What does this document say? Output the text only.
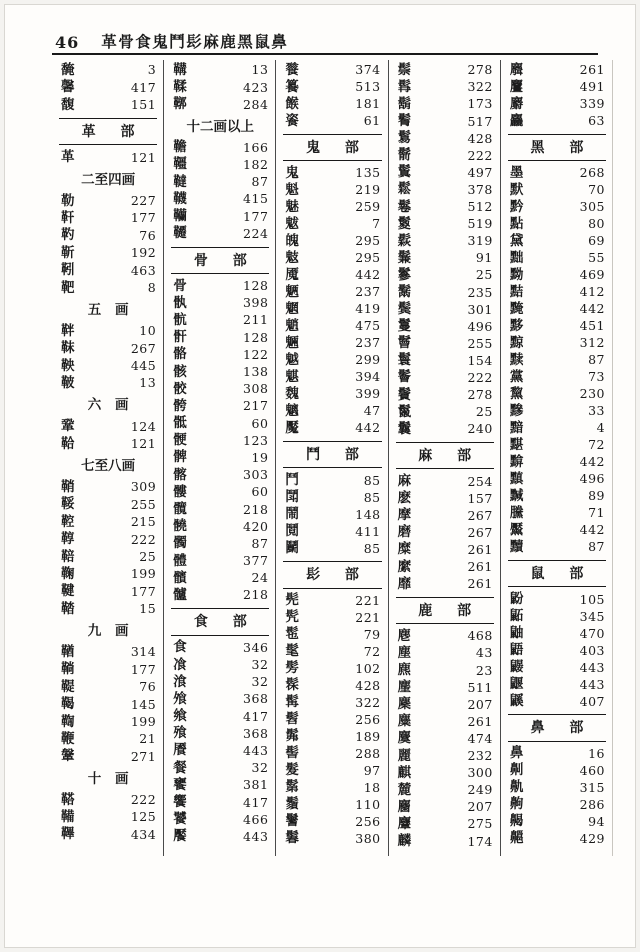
46 革骨食鬼鬥髟麻鹿黑鼠鼻
馣	3
馨	417
馥	151
革 部
革	121
二至四画
勒	227
靬	177
靮	76
靳	192
靷	463
靶	8
五 画
靽	10
靺	267
鞅	445
鞁	13
六 画
鞏	124
鞈	121
七至八画
鞘	309
鞖	255
鞚	215
鞟	222
鞛	25
鞠	199
鞬	177
鞜	15
九 画
鞧	314
鞝	177
鞮	76
鞨	145
鞫	199
鞭	21
鞶	271
十 画
鞳	222
鞴	125
鞸	434
鞲	13
鞣	423
鞹	284
十二画以上
韂	166
韁	182
韃	87
韈	415
韊	177
韆	224
骨 部
骨	128
骫	398
骯	211
骭	128
骼	122
骸	138
骹	308
骻	217
骶	60
骾	123
髀	19
髂	303
髏	60
髖	218
髐	420
髑	87
體	377
髕	24
髗	218
食 部
食	346
飡	32
湌	32
飧	368
飨	417
飱	368
餍	443
餐	32
饔	381
饗	417
饕	466
饜	443
餮	374
籑	513
餱	181
餈	61
鬼 部
鬼	135
魁	219
魅	259
魃	7
魄	295
鬾	295
魇	442
魉	237
魍	419
魈	475
魎	237
魆	299
魌	394
魏	399
魑	47
魘	442
鬥 部
鬥	85
鬦	85
鬧	148
鬩	411
鬭	85
髟 部
髡	221
髠	221
髢	79
髦	72
髣	102
髹	428
髯	322
髫	256
髴	189
髻	288
髮	97
鬀	18
鬚	110
鬐	256
鬊	380
鬃	278
髥	322
鬍	173
鬌	517
鬄	428
鬋	222
鬒	497
鬆	378
鬈	512
鬉	519
鬏	319
鬑	91
鬖	25
鬗	235
鬓	301
鬘	496
鬙	255
鬟	154
鬠	222
鬢	278
鬣	25
鬤	240
麻 部
麻	254
麽	157
摩	267
磨	267
糜	261
縻	261
靡	261
鹿 部
麀	468
塵	43
麃	23
麈	511
麇	207
麋	261
麌	474
麗	232
麒	300
麓	249
麕	207
麞	275
麟	174
麛	261
麠	491
麝	339
麤	63
黑 部
墨	268
默	70
黔	305
點	80
黛	69
黜	55
黝	469
黠	412
黤	442
黟	451
黥	312
黩	87
黨	73
黧	230
黲	33
黯	4
黮	72
黭	442
黰	496
黬	89
黱	71
黶	442
黷	87
鼠 部
鼢	105
鼫	345
鼬	470
鼯	403
鼹	443
鼴	443
鼷	407
鼻 部
鼻	16
劓	460
鼽	315
齁	286
齃	94
齆	429
